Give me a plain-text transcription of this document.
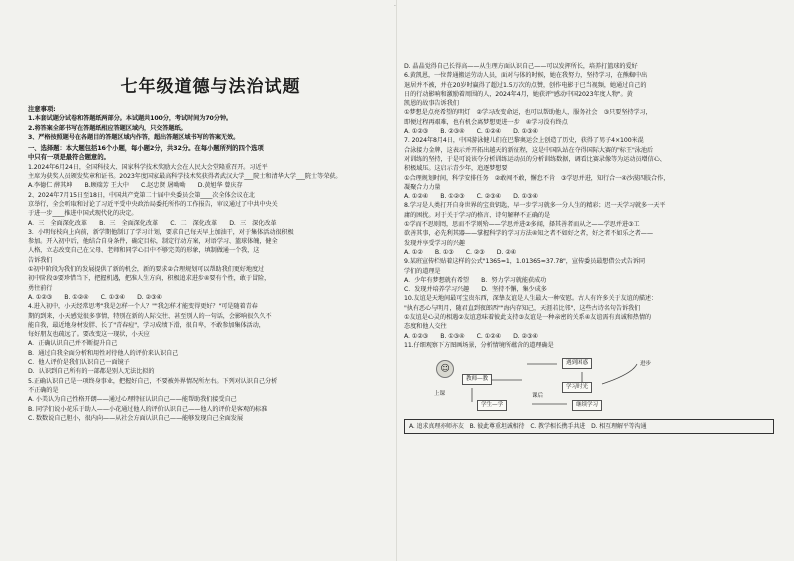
·
七年级道德与法治试题
注意事项:
1.本套试题分试卷和答题纸两部分。本试题共100分，考试时间为70分钟。
2.将答案全部书写在答题纸相应答题区域内，只交答题纸。
3、严格按照题号在各题目的答题区域内作答，超出答题区域书写的答案无效。
一、选择题：本大题包括16个小题，每小题2分，共32分。在每小题所列的四个选项
中只有一项是最符合题意的。
1.2024年6月24日，全国科技大、国家科学技术奖励大会在人民大会堂隆重召开。习近平
主席为获奖人员颁发奖章和证书。2023年度国家最高科学技术奖获得者武汉大学___院士和清华大学___院士等荣获。
A.李德仁 薛其坤　　B.顾瑞芳 王大中　　C.赵忠贤 屠呦呦　　D.黄旭华 曾庆存
2、2024年7月15日至18日，中国共产党第二十届中央委员会第____次全体会议在北
京举行，全会听取和讨论了习近平受中央政治局委托所作的工作报告，审议通过了中共中央关
于进一步____推进中国式现代化的决定。
A．三　全面深化改革　　B．三　全面深化改革　　C．二　深化改革　　D．三　深化改革
3．小明每枝向上向前，新学期他制订了学习计划，要求自己每天早上加油干，对于集体活动很积极
参加。开入初中后，他结合自身条件，确定目标，制定行动方案，对语学习、篮球体魄，健全
人格，立志改变自己在父母、老师和同学心目中不够完美的形象，填制做通一个我，这
告诉我们
①初中阶段为我们的发展提供了新的机会，新的要求②合理规划可以帮助我们更好地度过
初中阶段③要珍惜当下，把握机遇，把准人生方向，积极追求进步④要有个性，敢于冒险，
勇往前行
A. ①②③　　B. ①②④　　C. ①③④　　D. ②③④
4.进入初中，小天经常思考"我是怎样一个人？""我怎样才能变得更好？"可是随着青春
期的到来，小天感觉很多事情，特别在新的人际交往、甚至别人的一句话，会影响很久久不
能自我，最近地身材发胖、长了"青春痘"，学习成绩下滑，很自卑，不敢参加集体活动，
每好朋友也疏远了。要改变这一现状，小天应
A．正确认识自己并不断提升自己
B．通过自我全面分析和用性对待他人的评价来认识自己
C．他人评价是我们认识自己一面镜子
D．认识到自己所有的一部都是别人无法比拟的
5.正确认识自己是一项终身事业，把握好自己，不要被外界情况所左右。下列对认识自己分析
不正确的是
A. 小美认为自己性格开朗——通过心理特征认识自己——能帮助我们接受自己
B. 同学们说小花乐于助人——小花通过他人的评价认识自己——他人的评价是客观的标准
C. 数数说自己胆小，很内向——从社会方面认识自己——能够发现自己全面发展
D. 晶晶觉得自己长得高——从生理方面认识自己——可以发挥所长，培养打篮球的爱好
6.黄凯恩，一位普通搬运劳动人员，面对与体的时候，她在我努力，坚持学习，在熊蜘中出
退居并不被，并在20岁时赢得了超过1.5万次的点赞，创作电影于已当视频，她通过自己的
日的行动影响和激励着周围的人，2024年4月，她获评"感动中国2023年度人物"。黄
凯恩的故事告诉我们
①梦想是点亮希望的明灯　②学习改变命运，也可以帮助他人，服务社会　③只要坚持学习，
即便过程再艰难，也有机会离梦想更进一步　④学习没有终点
A. ①②③　　B. ②③④　　C. ①②④　　D. ①③④
7. 2024年8月4日，中国游泳健儿们在巴黎奥运会上创造了历史，获得了男子4×100米混
合泳接力金牌，这表示并开拓出越天的新征程，这是中国队站在夺得国际大赛的"标王"泳池后
对训练的坚持，于是可说该夺分析训练运动员的分析训练数据，调看比赛录像等为运动员增信心、
积极域压。这启示青少年，追逐梦想要
①合理规划时间，科学安排任务　②敢闯不敢，懈怠不肯　③学思并进，知行合一④沙漠四肢合作，
凝聚合力力量
A. ①②④　　B. ①②③　　C. ②③④　　D. ①③④
8.学习是人类打开自身世界的宝贵钥匙，早一步学习就多一分人生的精彩；迟一天学习就多一天平
庸的困扰。对于关于学习的格言、诗句解释不正确的是
①学而不思则罔，思而不学则殆——学思并进②多闻，择其善者而从之——学思并进③工
欲善其事，必先利其器——掌握科学的学习方法④知之者不如好之者，好之者不如乐之者——
发现并享受学习的兴趣
A. ①②　　B. ①③　　C. ②③　　D. ②④
9.某班宣传栏贴着这样的公式"1365=1，1.01365≈37.78"，宣传委员最想借公式告诉同
学们的道理是
A．少年有梦想就有希望　　B．努力学习就能获成功
C．发现并培养学习兴趣　　D．坚持不懈，集少成多
10.友谊是天地间最可宝贵东西，深挚友谊是人生最大一种安慰。古人有许多关于友谊的描述：
"执有恶心与明月，随君直到夜郎西""海内存知己，天涯若比邻"，这些古诗名句告诉我们
①友谊是心灵的相遇②友谊意味着彼此支持③友谊是一种亲密的关系④友谊需有真诚和热情的
态度和他人交往
A. ①②③　　B. ①③④　　C. ①②④　　D. ②③④
11.仔细观察下方图画场景，分析情境所蕴含的道理确是
☺
遇到困惑
教师—教
学习时光
学生—学	继续学习
上课	课后
进步
A. 追求真理亦师亦友　B. 彼此尊重坦诚相待　C. 教学相长携手共进　D. 相互理解平等沟通
